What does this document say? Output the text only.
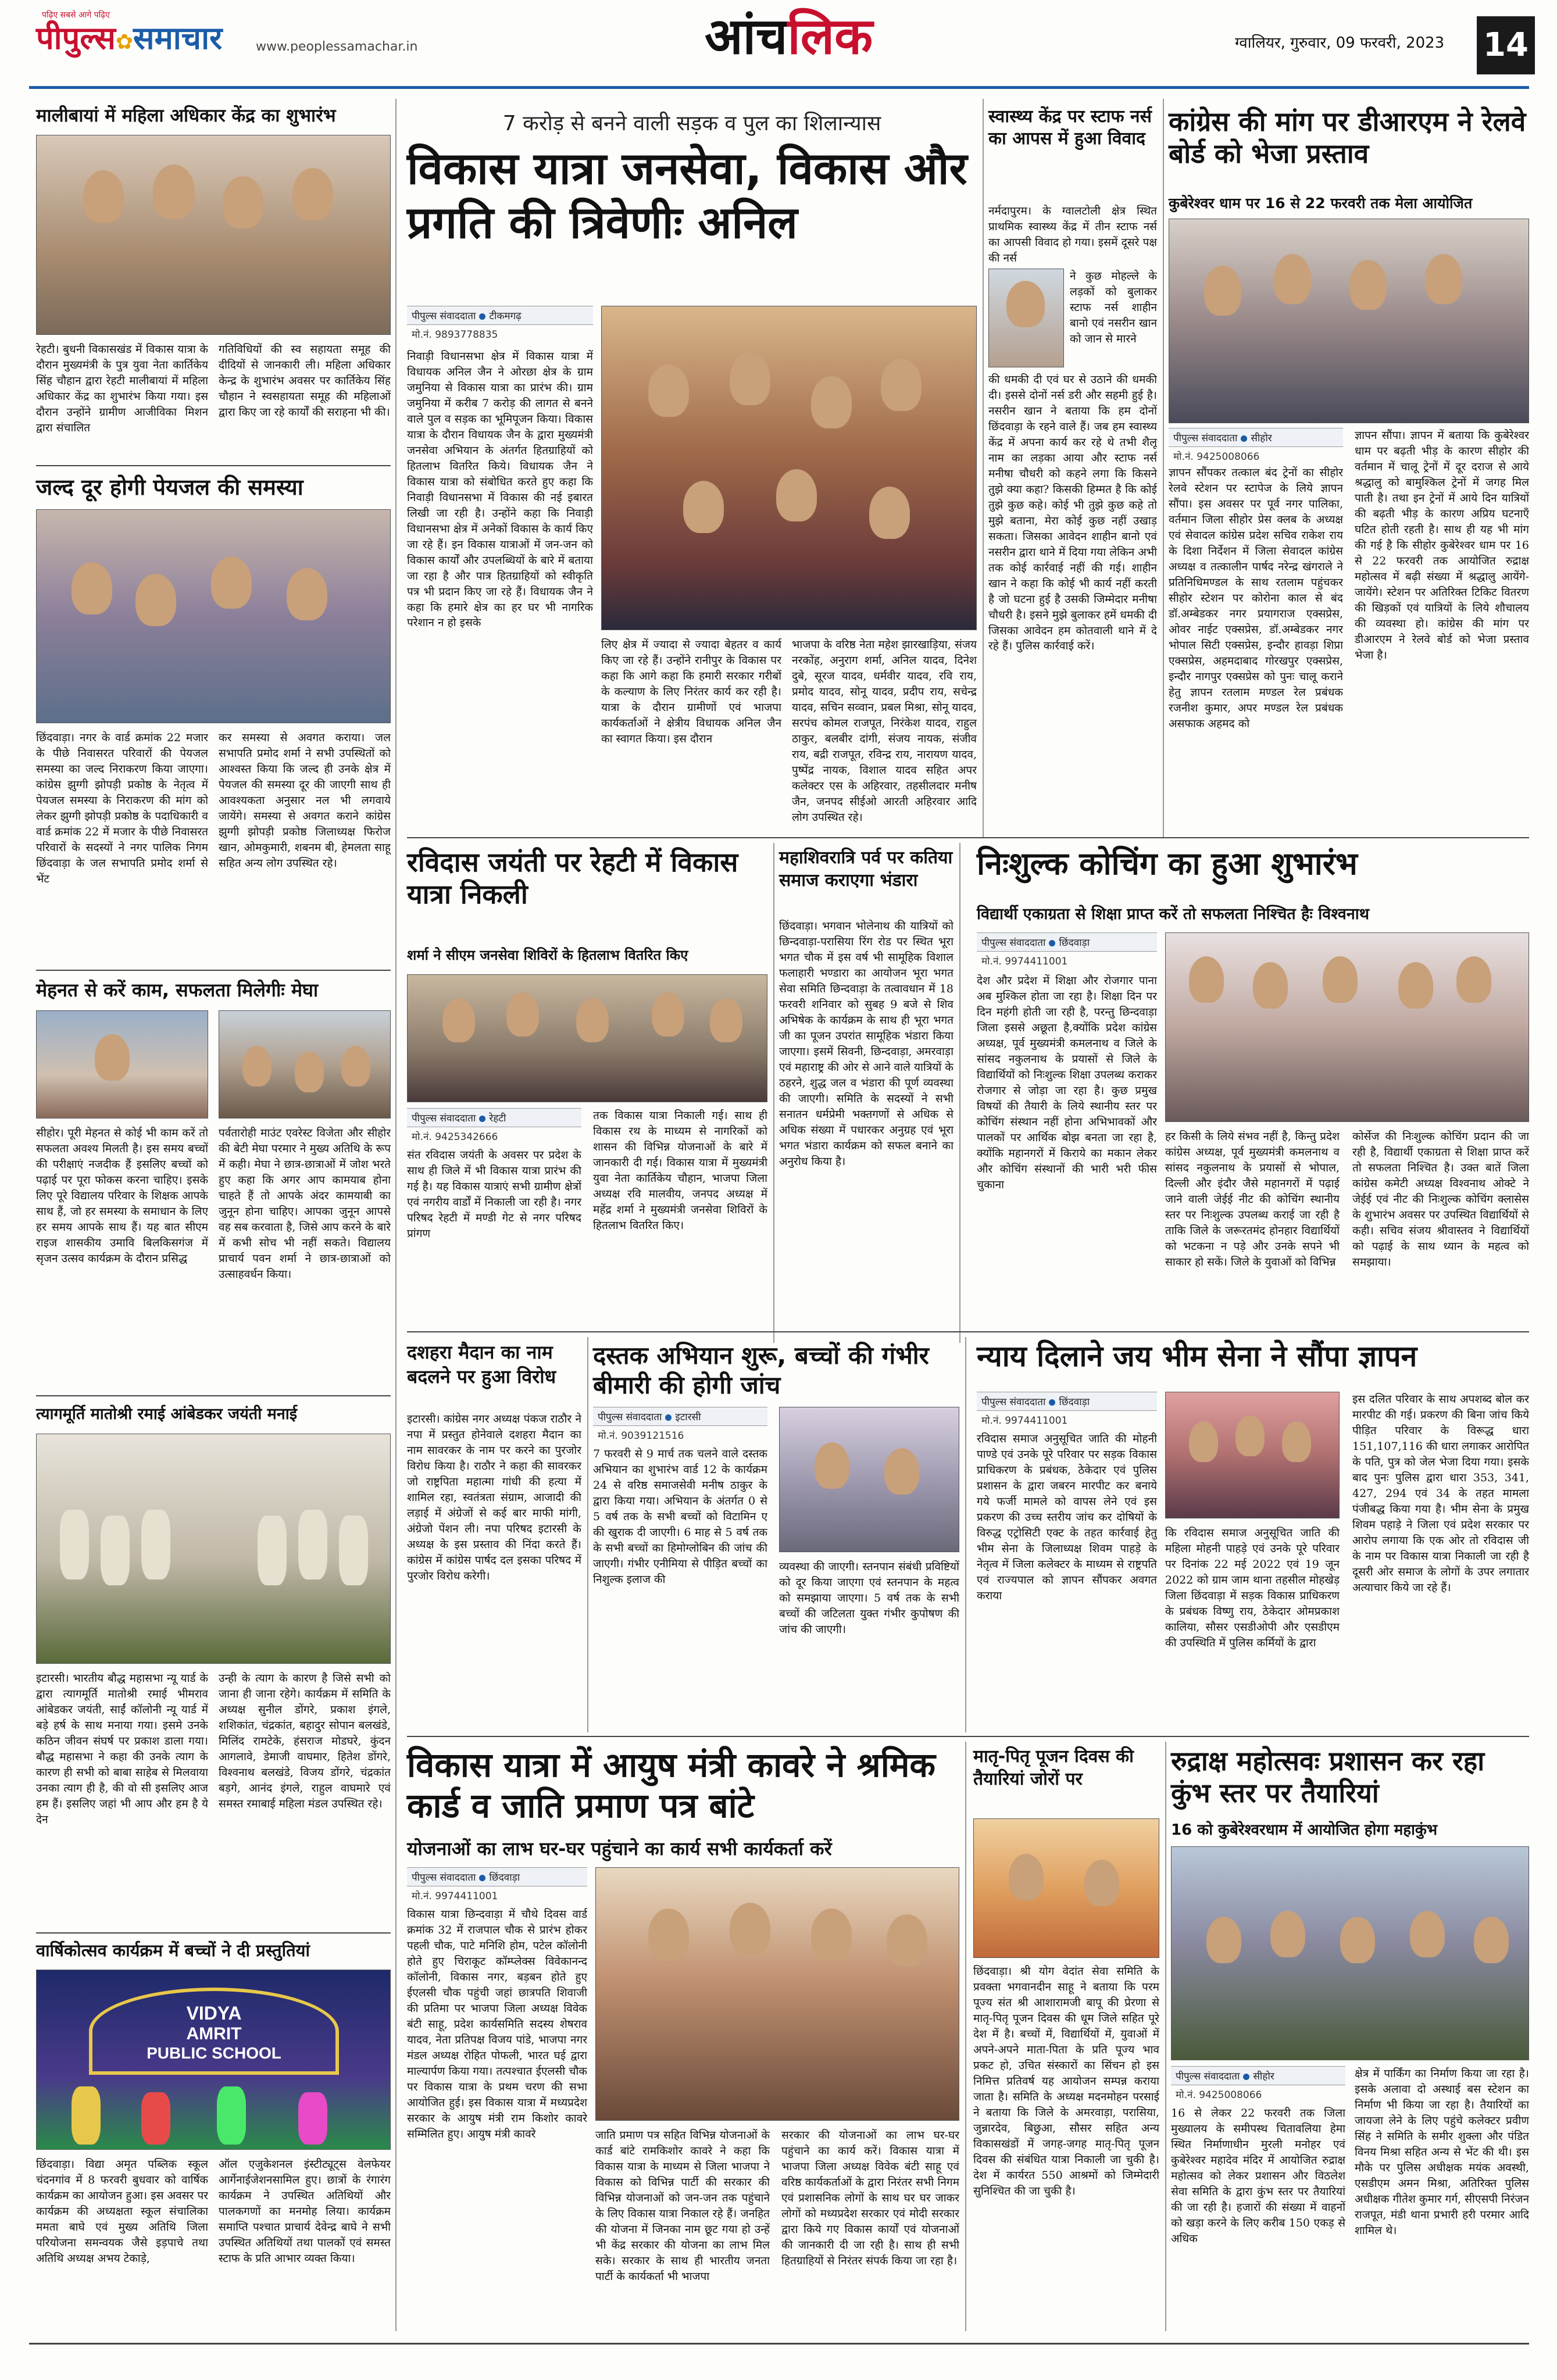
पढ़िए सबसे आगे पढ़िए
पीपुल्स✿समाचार	www.peoplessamachar.in	आंचलिक	ग्वालियर, गुरुवार, 09 फरवरी, 2023 14
मालीबायां में महिला अधिकार केंद्र का शुभारंभ
रेहटी। बुधनी विकासखंड में विकास यात्रा के दौरान मुख्यमंत्री के पुत्र युवा नेता कार्तिकेय सिंह चौहान द्वारा रेहटी मालीबायां में महिला अधिकार केंद्र का शुभारंभ किया गया। इस दौरान उन्होंने ग्रामीण आजीविका मिशन द्वारा संचालित
गतिविधियों की स्व सहायता समूह की दीदियों से जानकारी ली। महिला अधिकार केन्द्र के शुभारंभ अवसर पर कार्तिकेय सिंह चौहान ने स्वसहायता समूह की महिलाओं द्वारा किए जा रहे कार्यों की सराहना भी की।
जल्द दूर होगी पेयजल की समस्या
छिंदवाड़ा। नगर के वार्ड क्रमांक 22 मजार के पीछे निवासरत परिवारों की पेयजल समस्या का जल्द निराकरण किया जाएगा। कांग्रेस झुग्गी झोपड़ी प्रकोष्ठ के नेतृत्व में पेयजल समस्या के निराकरण की मांग को लेकर झुग्गी झोपड़ी प्रकोष्ठ के पदाधिकारी व वार्ड क्रमांक 22 में मजार के पीछे निवासरत परिवारों के सदस्यों ने नगर पालिक निगम छिंदवाड़ा के जल सभापति प्रमोद शर्मा से भेंट
कर समस्या से अवगत कराया। जल सभापति प्रमोद शर्मा ने सभी उपस्थितों को आश्वस्त किया कि जल्द ही उनके क्षेत्र में पेयजल की समस्या दूर की जाएगी साथ ही आवश्यकता अनुसार नल भी लगवाये जायेंगे। समस्या से अवगत कराने कांग्रेस झुग्गी झोपड़ी प्रकोष्ठ जिलाध्यक्ष फिरोज खान, ओमकुमारी, शबनम बी, हेमलता साहू सहित अन्य लोग उपस्थित रहे।
मेहनत से करें काम, सफलता मिलेगीः मेघा
सीहोर। पूरी मेहनत से कोई भी काम करें तो सफलता अवश्य मिलती है। इस समय बच्चों की परीक्षाएं नजदीक हैं इसलिए बच्चों को पढ़ाई पर पूरा फोकस करना चाहिए। इसके लिए पूरे विद्यालय परिवार के शिक्षक आपके साथ हैं, जो हर समस्या के समाधान के लिए हर समय आपके साथ हैं। यह बात सीएम राइज शासकीय उमावि बिलकिसगंज में सृजन उत्सव कार्यक्रम के दौरान प्रसिद्ध
पर्वतारोही माउंट एवरेस्ट विजेता और सीहोर की बेटी मेघा परमार ने मुख्य अतिथि के रूप में कही। मेघा ने छात्र-छात्राओं में जोश भरते हुए कहा कि अगर आप कामयाब होना चाहते हैं तो आपके अंदर कामयाबी का जुनून होना चाहिए। आपका जुनून आपसे वह सब करवाता है, जिसे आप करने के बारे में कभी सोच भी नहीं सकते। विद्यालय प्राचार्य पवन शर्मा ने छात्र-छात्राओं को उत्साहवर्धन किया।
त्यागमूर्ति मातोश्री रमाई आंबेडकर जयंती मनाई
इटारसी। भारतीय बौद्ध महासभा न्यू यार्ड के द्वारा त्यागमूर्ति मातोश्री रमाई भीमराव आंबेडकर जयंती, साईं कॉलोनी न्यू यार्ड में बड़े हर्ष के साथ मनाया गया। इसमे उनके कठिन जीवन संघर्ष पर प्रकाश डाला गया। बौद्ध महासभा ने कहा की उनके त्याग के कारण ही सभी को बाबा साहेब से मिलवाया उनका त्याग ही है, की वो सी इसलिए आज हम हैं। इसलिए जहां भी आप और हम है ये देन
उन्ही के त्याग के कारण है जिसे सभी को जाना ही जाना रहेगे। कार्यक्रम में समिति के अध्यक्ष सुनील डोंगरे, प्रकाश इंगले, शशिकांत, चंद्रकांत, बहादुर सोपान बलखंडे, मिलिंद रामटेके, हंसराज मोडघरे, कुंदन आगलावे, डेमाजी वाघमार, हितेश डोंगरे, विश्वनाथ बलखंडे, विजय डोंगरे, चंद्रकांत बड़गे, आनंद इंगले, राहुल वाघमारे एवं समस्त रमाबाई महिला मंडल उपस्थित रहे।
वार्षिकोत्सव कार्यक्रम में बच्चों ने दी प्रस्तुतियां
VIDYA
AMRIT
PUBLIC SCHOOL
छिंदवाड़ा। विद्या अमृत पब्लिक स्कूल चंदनगांव में 8 फरवरी बुधवार को वार्षिक कार्यक्रम का आयोजन हुआ। इस अवसर पर कार्यक्रम की अध्यक्षता स्कूल संचालिका ममता बाघे एवं मुख्य अतिथि जिला परियोजना समन्वयक जैसे इड़पाचे तथा अतिथि अध्यक्ष अभय टेकाड़े,
ऑल एजुकेशनल इंस्टीट्यूट्स वेलफेयर आर्गेनाईजेशनसामिल हुए। छात्रों के रंगारंग कार्यक्रम ने उपस्थित अतिथियों और पालकगणों का मनमोह लिया। कार्यक्रम समाप्ति पश्चात प्राचार्य देवेन्द्र बाघे ने सभी उपस्थित अतिथियों तथा पालकों एवं समस्त स्टाफ के प्रति आभार व्यक्त किया।
7 करोड़ से बनने वाली सड़क व पुल का शिलान्यास
विकास यात्रा जनसेवा, विकास और प्रगति की त्रिवेणीः अनिल
पीपुल्स संवाददाता टीकमगढ़
मो.नं. 9893778835
निवाड़ी विधानसभा क्षेत्र में विकास यात्रा में विधायक अनिल जैन ने ओरछा क्षेत्र के ग्राम जमुनिया से विकास यात्रा का प्रारंभ की। ग्राम जमुनिया में करीब 7 करोड़ की लागत से बनने वाले पुल व सड़क का भूमिपूजन किया। विकास यात्रा के दौरान विधायक जैन के द्वारा मुख्यमंत्री जनसेवा अभियान के अंतर्गत हितग्राहियों को हितलाभ वितरित किये। विधायक जैन ने विकास यात्रा को संबोधित करते हुए कहा कि निवाड़ी विधानसभा में विकास की नई इबारत लिखी जा रही है। उन्होंने कहा कि निवाड़ी विधानसभा क्षेत्र में अनेकों विकास के कार्य किए जा रहे हैं। इन विकास यात्राओं में जन-जन को विकास कार्यों और उपलब्धियों के बारे में बताया जा रहा है और पात्र हितग्राहियों को स्वीकृति पत्र भी प्रदान किए जा रहे हैं। विधायक जैन ने कहा कि हमारे क्षेत्र का हर घर भी नागरिक परेशान न हो इसके
लिए क्षेत्र में ज्यादा से ज्यादा बेहतर व कार्य किए जा रहे हैं। उन्होंने रानीपुर के विकास पर कहा कि आगे कहा कि हमारी सरकार गरीबों के कल्याण के लिए निरंतर कार्य कर रही है। यात्रा के दौरान ग्रामीणों एवं भाजपा कार्यकर्ताओं ने क्षेत्रीय विधायक अनिल जैन का स्वागत किया। इस दौरान
भाजपा के वरिष्ठ नेता महेश झारखाड़िया, संजय नरकोंह, अनुराग शर्मा, अनिल यादव, दिनेश दुबे, सूरज यादव, धर्मवीर यादव, रवि राय, प्रमोद यादव, सोनू यादव, प्रदीप राय, सचेन्द्र यादव, सचिन सव्वान, प्रबल मिश्रा, सोनू यादव, सरपंच कोमल राजपूत, निरंकेश यादव, राहुल ठाकुर, बलबीर दांगी, संजय नायक, संजीव राय, बद्री राजपूत, रविन्द्र राय, नारायण यादव, पुष्पेंद्र नायक, विशाल यादव सहित अपर कलेक्टर एस के अहिरवार, तहसीलदार मनीष जैन, जनपद सीईओ आरती अहिरवार आदि लोग उपस्थित रहे।
स्वास्थ्य केंद्र पर स्टाफ नर्स का आपस में हुआ विवाद
नर्मदापुरम। के ग्वालटोली क्षेत्र स्थित प्राथमिक स्वास्थ्य केंद्र में तीन स्टाफ नर्स का आपसी विवाद हो गया। इसमें दूसरे पक्ष की नर्स
ने कुछ मोहल्ले के लड़कों को बुलाकर स्टाफ नर्स शाहीन बानो एवं नसरीन खान को जान से मारने
की धमकी दी एवं घर से उठाने की धमकी दी। इससे दोनों नर्स डरी और सहमी हुई है। नसरीन खान ने बताया कि हम दोनों छिंदवाड़ा के रहने वाले हैं। जब हम स्वास्थ्य केंद्र में अपना कार्य कर रहे थे तभी शैलू नाम का लड़का आया और स्टाफ नर्स मनीषा चौधरी को कहने लगा कि किसने तुझे क्या कहा? किसकी हिम्मत है कि कोई तुझे कुछ कहे। कोई भी तुझे कुछ कहे तो मुझे बताना, मेरा कोई कुछ नहीं उखाड़ सकता। जिसका आवेदन शाहीन बानो एवं नसरीन द्वारा थाने में दिया गया लेकिन अभी तक कोई कार्रवाई नहीं की गई। शाहीन खान ने कहा कि कोई भी कार्य नहीं करती है जो घटना हुई है उसकी जिम्मेदार मनीषा चौधरी है। इसने मुझे बुलाकर हमें धमकी दी जिसका आवेदन हम कोतवाली थाने में दे रहे हैं। पुलिस कार्रवाई करें।
कांग्रेस की मांग पर डीआरएम ने रेलवे बोर्ड को भेजा प्रस्ताव
कुबेरेश्वर धाम पर 16 से 22 फरवरी तक मेला आयोजित
पीपुल्स संवाददाता सीहोर
मो.नं. 9425008066
ज्ञापन सौंपकर तत्काल बंद ट्रेनों का सीहोर रेलवे स्टेशन पर स्टापेज के लिये ज्ञापन सौंपा। इस अवसर पर पूर्व नगर पालिका, वर्तमान जिला सीहोर प्रेस क्लब के अध्यक्ष एवं सेवादल कांग्रेस प्रदेश सचिव राकेश राय के दिशा निर्देशन में जिला सेवादल कांग्रेस अध्यक्ष व तत्कालीन पार्षद नरेन्द्र खंगराले ने प्रतिनिधिमण्डल के साथ रतलाम पहुंचकर सीहोर स्टेशन पर कोरोना काल से बंद डॉ.अम्बेडकर नगर प्रयागराज एक्सप्रेस, ओवर नाईट एक्सप्रेस, डॉ.अम्बेडकर नगर भोपाल सिटी एक्सप्रेस, इन्दौर हावड़ा शिप्रा एक्सप्रेस, अहमदाबाद गोरखपुर एक्सप्रेस, इन्दौर नागपुर एक्सप्रेस को पुनः चालू कराने हेतु ज्ञापन रतलाम मण्डल रेल प्रबंधक रजनीश कुमार, अपर मण्डल रेल प्रबंधक असफाक अहमद को
ज्ञापन सौंपा। ज्ञापन में बताया कि कुबेरेश्वर धाम पर बढ़ती भीड़ के कारण सीहोर की वर्तमान में चालू ट्रेनों में दूर दराज से आये श्रद्धालु को बामुश्किल ट्रेनों में जगह मिल पाती है। तथा इन ट्रेनों में आये दिन यात्रियों की बढ़ती भीड़ के कारण अप्रिय घटनाएँ घटित होती रहती है। साथ ही यह भी मांग की गई है कि सीहोर कुबेरेश्वर धाम पर 16 से 22 फरवरी तक आयोजित रुद्राक्ष महोत्सव में बढ़ी संख्या में श्रद्धालु आयेंगे-जायेंगे। स्टेशन पर अतिरिक्त टिकिट वितरण की खिड़कों एवं यात्रियों के लिये शौचालय की व्यवस्था हो। कांग्रेस की मांग पर डीआरएम ने रेलवे बोर्ड को भेजा प्रस्ताव भेजा है।
रविदास जयंती पर रेहटी में विकास यात्रा निकली
शर्मा ने सीएम जनसेवा शिविरों के हितलाभ वितरित किए
पीपुल्स संवाददाता रेहटी
मो.नं. 9425342666
संत रविदास जयंती के अवसर पर प्रदेश के साथ ही जिले में भी विकास यात्रा प्रारंभ की गई है। यह विकास यात्राएं सभी ग्रामीण क्षेत्रों एवं नगरीय वार्डों में निकाली जा रही है। नगर परिषद रेहटी में मण्डी गेट से नगर परिषद प्रांगण
तक विकास यात्रा निकाली गई। साथ ही विकास रथ के माध्यम से नागरिकों को शासन की विभिन्न योजनाओं के बारे में जानकारी दी गई। विकास यात्रा में मुख्यमंत्री युवा नेता कार्तिकेय चौहान, भाजपा जिला अध्यक्ष रवि मालवीय, जनपद अध्यक्ष में महेंद्र शर्मा ने मुख्यमंत्री जनसेवा शिविरों के हितलाभ वितरित किए।
महाशिवरात्रि पर्व पर कतिया समाज कराएगा भंडारा
छिंदवाड़ा। भगवान भोलेनाथ की यात्रियों को छिन्दवाड़ा-परासिया रिंग रोड पर स्थित भूरा भगत चौक में इस वर्ष भी सामूहिक विशाल फलाहारी भण्डारा का आयोजन भूरा भगत सेवा समिति छिन्दवाड़ा के तत्वावधान में 18 फरवरी शनिवार को सुबह 9 बजे से शिव अभिषेक के कार्यक्रम के साथ ही भूरा भगत जी का पूजन उपरांत सामूहिक भंडारा किया जाएगा। इसमें सिवनी, छिन्दवाड़ा, अमरवाड़ा एवं महाराष्ट्र की ओर से आने वाले यात्रियों के ठहरने, शुद्ध जल व भंडारा की पूर्ण व्यवस्था की जाएगी। समिति के सदस्यों ने सभी सनातन धर्मप्रेमी भक्तगणों से अधिक से अधिक संख्या में पधारकर अनुग्रह एवं भूरा भगत भंडारा कार्यक्रम को सफल बनाने का अनुरोध किया है।
निःशुल्क कोचिंग का हुआ शुभारंभ
विद्यार्थी एकाग्रता से शिक्षा प्राप्त करें तो सफलता निश्चित हैः विश्वनाथ
पीपुल्स संवाददाता छिंदवाड़ा
मो.नं. 9974411001
देश और प्रदेश में शिक्षा और रोजगार पाना अब मुश्किल होता जा रहा है। शिक्षा दिन पर दिन महंगी होती जा रही है, परन्तु छिन्दवाड़ा जिला इससे अछूता है,क्योंकि प्रदेश कांग्रेस अध्यक्ष, पूर्व मुख्यमंत्री कमलनाथ व जिले के सांसद नकुलनाथ के प्रयासों से जिले के विद्यार्थियों को निःशुल्क शिक्षा उपलब्ध कराकर रोजगार से जोड़ा जा रहा है। कुछ प्रमुख विषयों की तैयारी के लिये स्थानीय स्तर पर कोचिंग संस्थान नहीं होना अभिभावकों और पालकों पर आर्थिक बोझ बनता जा रहा है, क्योंकि महानगरों में किराये का मकान लेकर और कोचिंग संस्थानों की भारी भरी फीस चुकाना
हर किसी के लिये संभव नहीं है, किन्तु प्रदेश कांग्रेस अध्यक्ष, पूर्व मुख्यमंत्री कमलनाथ व सांसद नकुलनाथ के प्रयासों से भोपाल, दिल्ली और इंदौर जैसे महानगरों में पढ़ाई जाने वाली जेईई नीट की कोचिंग स्थानीय स्तर पर निःशुल्क उपलब्ध कराई जा रही है ताकि जिले के जरूरतमंद होनहार विद्यार्थियों को भटकना न पड़े और उनके सपने भी साकार हो सकें। जिले के युवाओं को विभिन्न
कोर्सेज की निःशुल्क कोचिंग प्रदान की जा रही है, विद्यार्थी एकाग्रता से शिक्षा प्राप्त करें तो सफलता निश्चित है। उक्त बातें जिला कांग्रेस कमेटी अध्यक्ष विश्वनाथ ओक्टे ने जेईई एवं नीट की निःशुल्क कोचिंग क्लासेस के शुभारंभ अवसर पर उपस्थित विद्यार्थियों से कही। सचिव संजय श्रीवास्तव ने विद्यार्थियों को पढ़ाई के साथ ध्यान के महत्व को समझाया।
दशहरा मैदान का नाम बदलने पर हुआ विरोध
इटारसी। कांग्रेस नगर अध्यक्ष पंकज राठौर ने नपा में प्रस्तुत होनेवाले दशहरा मैदान का नाम सावरकर के नाम पर करने का पुरजोर विरोध किया है। राठौर ने कहा की सावरकर जो राष्ट्रपिता महात्मा गांधी की हत्या में शामिल रहा, स्वतंत्रता संग्राम, आजादी की लड़ाई में अंग्रेजों से कई बार माफी मांगी, अंग्रेजो पेंशन ली। नपा परिषद इटारसी के अध्यक्ष के इस प्रस्ताव की निंदा करते हैं। कांग्रेस में कांग्रेस पार्षद दल इसका परिषद में पुरजोर विरोध करेगी।
दस्तक अभियान शुरू, बच्चों की गंभीर बीमारी की होगी जांच
पीपुल्स संवाददाता इटारसी
मो.नं. 9039121516
7 फरवरी से 9 मार्च तक चलने वाले दस्तक अभियान का शुभारंभ वार्ड 12 के कार्यक्रम 24 से वरिष्ठ समाजसेवी मनीष ठाकुर के द्वारा किया गया। अभियान के अंतर्गत 0 से 5 वर्ष तक के सभी बच्चों को विटामिन ए की खुराक दी जाएगी। 6 माह से 5 वर्ष तक के सभी बच्चों का हिमोग्लोबिन की जांच की जाएगी। गंभीर एनीमिया से पीड़ित बच्चों का निशुल्क इलाज की
व्यवस्था की जाएगी। स्तनपान संबंधी प्रविष्टियों को दूर किया जाएगा एवं स्तनपान के महत्व को समझाया जाएगा। 5 वर्ष तक के सभी बच्चों की जटिलता युक्त गंभीर कुपोषण की जांच की जाएगी।
न्याय दिलाने जय भीम सेना ने सौंपा ज्ञापन
पीपुल्स संवाददाता छिंदवाड़ा
मो.नं. 9974411001
रविदास समाज अनुसूचित जाति की मोहनी पाण्डे एवं उनके पूरे परिवार पर सड़क विकास प्राधिकरण के प्रबंधक, ठेकेदार एवं पुलिस प्रशासन के द्वारा जबरन मारपीट कर बनाये गये फर्जी मामले को वापस लेने एवं इस प्रकरण की उच्च स्तरीय जांच कर दोषियों के विरुद्ध एट्रोसिटी एक्ट के तहत कार्रवाई हेतु भीम सेना के जिलाध्यक्ष शिवम पाहड़े के नेतृत्व में जिला कलेक्टर के माध्यम से राष्ट्रपति एवं राज्यपाल को ज्ञापन सौंपकर अवगत कराया
कि रविदास समाज अनुसूचित जाति की महिला मोहनी पाहड़े एवं उनके पूरे परिवार पर दिनांक 22 मई 2022 एवं 19 जून 2022 को ग्राम जाम थाना तहसील मोहखेड़ जिला छिंदवाड़ा में सड़क विकास प्राधिकरण के प्रबंधक विष्णु राय, ठेकेदार ओमप्रकाश कालिया, सौसर एसडीओपी और एसडीएम की उपस्थिति में पुलिस कर्मियों के द्वारा
इस दलित परिवार के साथ अपशब्द बोल कर मारपीट की गई। प्रकरण की बिना जांच किये पीड़ित परिवार के विरूद्ध धारा 151,107,116 की धारा लगाकर आरोपित के पति, पुत्र को जेल भेजा दिया गया। इसके बाद पुनः पुलिस द्वारा धारा 353, 341, 427, 294 एवं 34 के तहत मामला पंजीबद्ध किया गया है। भीम सेना के प्रमुख शिवम पहाड़े ने जिला एवं प्रदेश सरकार पर आरोप लगाया कि एक ओर तो रविदास जी के नाम पर विकास यात्रा निकाली जा रही है दूसरी ओर समाज के लोगों के उपर लगातार अत्याचार किये जा रहे हैं।
विकास यात्रा में आयुष मंत्री कावरे ने श्रमिक कार्ड व जाति प्रमाण पत्र बांटे
योजनाओं का लाभ घर-घर पहुंचाने का कार्य सभी कार्यकर्ता करें
पीपुल्स संवाददाता छिंदवाड़ा
मो.नं. 9974411001
विकास यात्रा छिन्दवाड़ा में चौथे दिवस वार्ड क्रमांक 32 में राजपाल चौक से प्रारंभ होकर पहली चौक, पाटे मनिशि होम, पटेल कॉलोनी होते हुए चिराकूट कॉम्प्लेक्स विवेकानन्द कॉलोनी, विकास नगर, बड़बन होते हुए ईएलसी चौक पहुंची जहां छात्रपति शिवाजी की प्रतिमा पर भाजपा जिला अध्यक्ष विवेक बंटी साहू, प्रदेश कार्यसमिति सदस्य शेषराव यादव, नेता प्रतिपक्ष विजय पांडे, भाजपा नगर मंडल अध्यक्ष रोहित पोफली, भारत घई द्वारा माल्यार्पण किया गया। तत्पश्चात ईएलसी चौक पर विकास यात्रा के प्रथम चरण की सभा आयोजित हुई। इस विकास यात्रा में मध्यप्रदेश सरकार के आयुष मंत्री राम किशोर कावरे सम्मिलित हुए। आयुष मंत्री कावरे	जाति प्रमाण पत्र सहित विभिन्न योजनाओं के कार्ड बांटे रामकिशोर कावरे ने कहा कि विकास यात्रा के माध्यम से जिला भाजपा ने विकास को विभिन्न पार्टी की सरकार की विभिन्न योजनाओं को जन-जन तक पहुंचाने के लिए विकास यात्रा निकाल रहे हैं। जनहित की योजना में जिनका नाम छूट गया हो उन्हें भी केंद्र सरकार की योजना का लाभ मिल सके। सरकार के साथ ही भारतीय जनता पार्टी के कार्यकर्ता भी भाजपा
सरकार की योजनाओं का लाभ घर-घर पहुंचाने का कार्य करें। विकास यात्रा में भाजपा जिला अध्यक्ष विवेक बंटी साहू एवं वरिष्ठ कार्यकर्ताओं के द्वारा निरंतर सभी निगम एवं प्रशासनिक लोगों के साथ घर घर जाकर लोगों को मध्यप्रदेश सरकार एवं मोदी सरकार द्वारा किये गए विकास कार्यों एवं योजनाओं की जानकारी दी जा रही है। साथ ही सभी हितग्राहियों से निरंतर संपर्क किया जा रहा है।
मातृ-पितृ पूजन दिवस की तैयारियां जोरों पर
छिंदवाड़ा। श्री योग वेदांत सेवा समिति के प्रवक्ता भगवानदीन साहू ने बताया कि परम पूज्य संत श्री आशारामजी बापू की प्रेरणा से मातृ-पितृ पूजन दिवस की धूम जिले सहित पूरे देश में है। बच्चों में, विद्यार्थियों में, युवाओं में अपने-अपने माता-पिता के प्रति पूज्य भाव प्रकट हो, उचित संस्कारों का सिंचन हो इस निमित्त प्रतिवर्ष यह आयोजन सम्पन्न कराया जाता है। समिति के अध्यक्ष मदनमोहन परसाई ने बताया कि जिले के अमरवाड़ा, परासिया, जुन्नारदेव, बिछुआ, सौसर सहित अन्य विकासखंडों में जगह-जगह मातृ-पितृ पूजन दिवस की संबंधित यात्रा निकाली जा चुकी है। देश में कार्यरत 550 आश्रमों को जिम्मेदारी सुनिश्चित की जा चुकी है।
रुद्राक्ष महोत्सवः प्रशासन कर रहा कुंभ स्तर पर तैयारियां
16 को कुबेरेश्वरधाम में आयोजित होगा महाकुंभ
पीपुल्स संवाददाता सीहोर
मो.नं. 9425008066
16 से लेकर 22 फरवरी तक जिला मुख्यालय के समीपस्थ चितावलिया हेमा स्थित निर्माणाधीन मुरली मनोहर एवं कुबेरेश्वर महादेव मंदिर में आयोजित रुद्राक्ष महोत्सव को लेकर प्रशासन और विठलेश सेवा समिति के द्वारा कुंभ स्तर पर तैयारियां की जा रही है। हजारों की संख्या में वाहनों को खड़ा करने के लिए करीब 150 एकड़ से अधिक
क्षेत्र में पार्किंग का निर्माण किया जा रहा है। इसके अलावा दो अस्थाई बस स्टेशन का निर्माण भी किया जा रहा है। तैयारियों का जायजा लेने के लिए पहुंचे कलेक्टर प्रवीण सिंह ने समिति के समीर शुक्ला और पंडित विनय मिश्रा सहित अन्य से भेंट की थी। इस मौके पर पुलिस अधीक्षक मयंक अवस्थी, एसडीएम अमन मिश्रा, अतिरिक्त पुलिस अधीक्षक गीतेश कुमार गर्ग, सीएसपी निरंजन राजपूत, मंडी थाना प्रभारी हरी परमार आदि शामिल थे।
